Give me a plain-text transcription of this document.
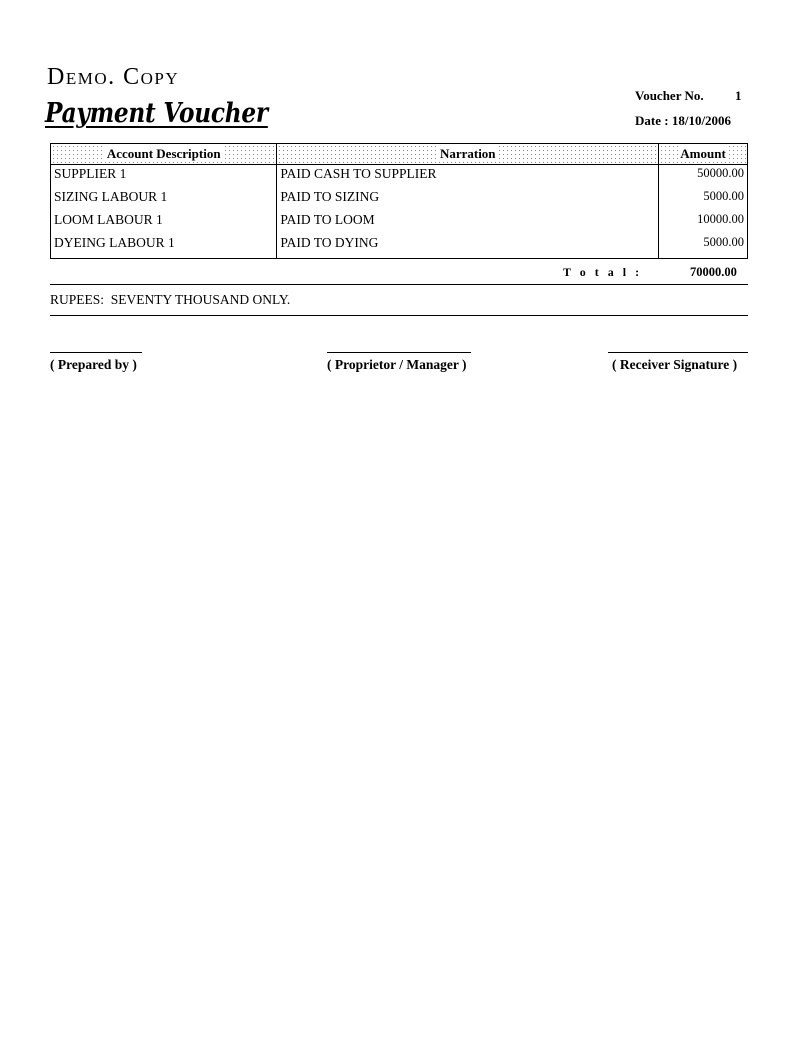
Demo. Copy
Payment Voucher
Voucher No. 1
Date : 18/10/2006
Account Description	Narration	Amount
SUPPLIER 1	PAID CASH TO SUPPLIER	50000.00
SIZING LABOUR 1	PAID TO SIZING	5000.00
LOOM LABOUR 1	PAID TO LOOM	10000.00
DYEING LABOUR 1	PAID TO DYING	5000.00
T o t a l :	70000.00
RUPEES:  SEVENTY THOUSAND ONLY.
( Prepared by )	( Proprietor / Manager )	( Receiver Signature )
